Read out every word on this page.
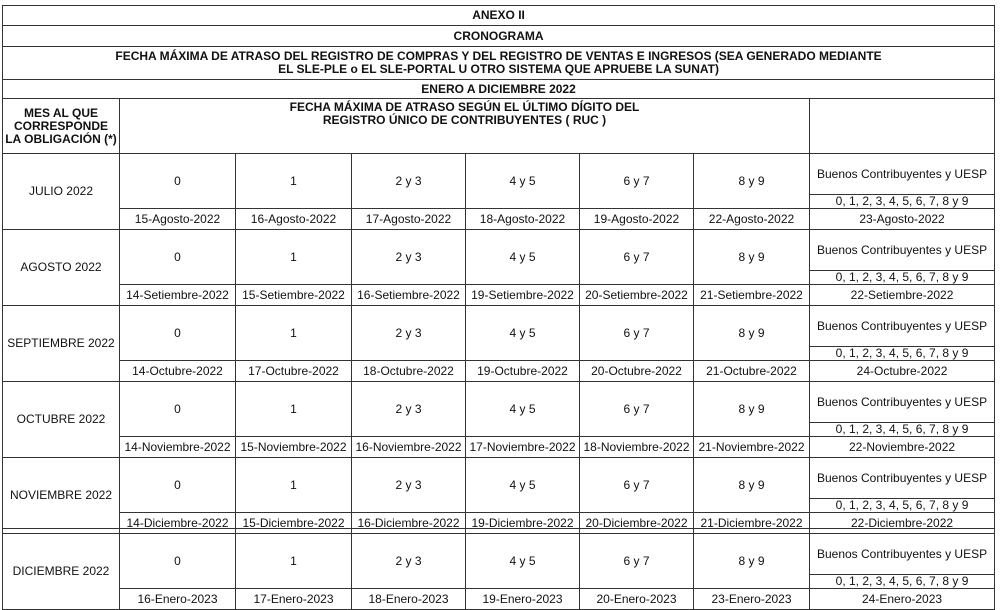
ANEXO II							
CRONOGRAMA							

FECHA MÁXIMA DE ATRASO DEL REGISTRO DE COMPRAS Y DEL REGISTRO DE VENTAS E INGRESOS (SEA GENERADO MEDIANTE
EL SLE-PLE o EL SLE-PORTAL U OTRO SISTEMA QUE APRUEBE LA SUNAT)							

ENERO A DICIEMBRE 2022							

MES AL QUE
CORRESPONDE
LA OBLIGACIÓN (*)	FECHA MÁXIMA DE ATRASO SEGÚN EL ÚLTIMO DÍGITO DEL
REGISTRO ÚNICO DE CONTRIBUYENTES ( RUC )						

JULIO 2022	0	1	2 y 3	4 y 5	6 y 7	8 y 9	Buenos Contribuyentes y UESP
							0, 1, 2, 3, 4, 5, 6, 7, 8 y 9
	15-Agosto-2022	16-Agosto-2022	17-Agosto-2022	18-Agosto-2022	19-Agosto-2022	22-Agosto-2022	23-Agosto-2022
AGOSTO 2022	0	1	2 y 3	4 y 5	6 y 7	8 y 9	Buenos Contribuyentes y UESP
							0, 1, 2, 3, 4, 5, 6, 7, 8 y 9
	14-Setiembre-2022	15-Setiembre-2022	16-Setiembre-2022	19-Setiembre-2022	20-Setiembre-2022	21-Setiembre-2022	22-Setiembre-2022
SEPTIEMBRE 2022	0	1	2 y 3	4 y 5	6 y 7	8 y 9	Buenos Contribuyentes y UESP
							0, 1, 2, 3, 4, 5, 6, 7, 8 y 9
	14-Octubre-2022	17-Octubre-2022	18-Octubre-2022	19-Octubre-2022	20-Octubre-2022	21-Octubre-2022	24-Octubre-2022
OCTUBRE 2022	0	1	2 y 3	4 y 5	6 y 7	8 y 9	Buenos Contribuyentes y UESP
							0, 1, 2, 3, 4, 5, 6, 7, 8 y 9
	14-Noviembre-2022	15-Noviembre-2022	16-Noviembre-2022	17-Noviembre-2022	18-Noviembre-2022	21-Noviembre-2022	22-Noviembre-2022
NOVIEMBRE 2022	0	1	2 y 3	4 y 5	6 y 7	8 y 9	Buenos Contribuyentes y UESP
							0, 1, 2, 3, 4, 5, 6, 7, 8 y 9
	14-Diciembre-2022	15-Diciembre-2022	16-Diciembre-2022	19-Diciembre-2022	20-Diciembre-2022	21-Diciembre-2022	22-Diciembre-2022
DICIEMBRE 2022	0	1	2 y 3	4 y 5	6 y 7	8 y 9	Buenos Contribuyentes y UESP
							0, 1, 2, 3, 4, 5, 6, 7, 8 y 9
	16-Enero-2023	17-Enero-2023	18-Enero-2023	19-Enero-2023	20-Enero-2023	23-Enero-2023	24-Enero-2023
